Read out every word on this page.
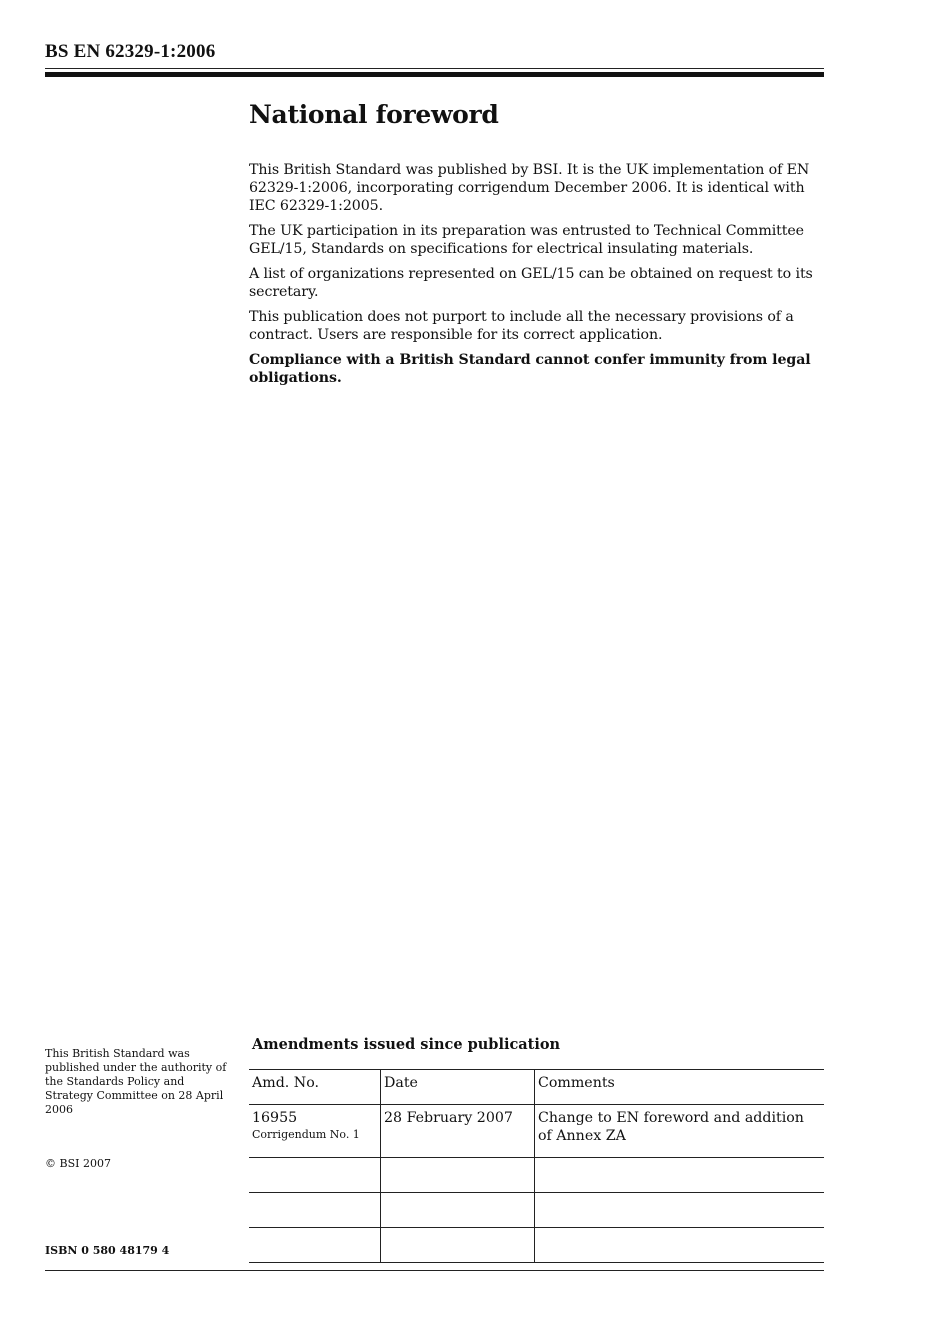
BS EN 62329-1:2006
National foreword

This British Standard was published by BSI. It is the UK implementation of EN 62329-1:2006, incorporating corrigendum December 2006. It is identical with IEC 62329-1:2005.

The UK participation in its preparation was entrusted to Technical Committee GEL/15, Standards on specifications for electrical insulating materials.

A list of organizations represented on GEL/15 can be obtained on request to its secretary.

This publication does not purport to include all the necessary provisions of a contract. Users are responsible for its correct application.

Compliance with a British Standard cannot confer immunity from legal obligations.

This British Standard was published under the authority of the Standards Policy and Strategy Committee on 28 April 2006
© BSI 2007
ISBN 0 580 48179 4
Amendments issued since publication
Amd. No.	Date	Comments
16955
Corrigendum No. 1	28 February 2007	Change to EN foreword and addition of Annex ZA
